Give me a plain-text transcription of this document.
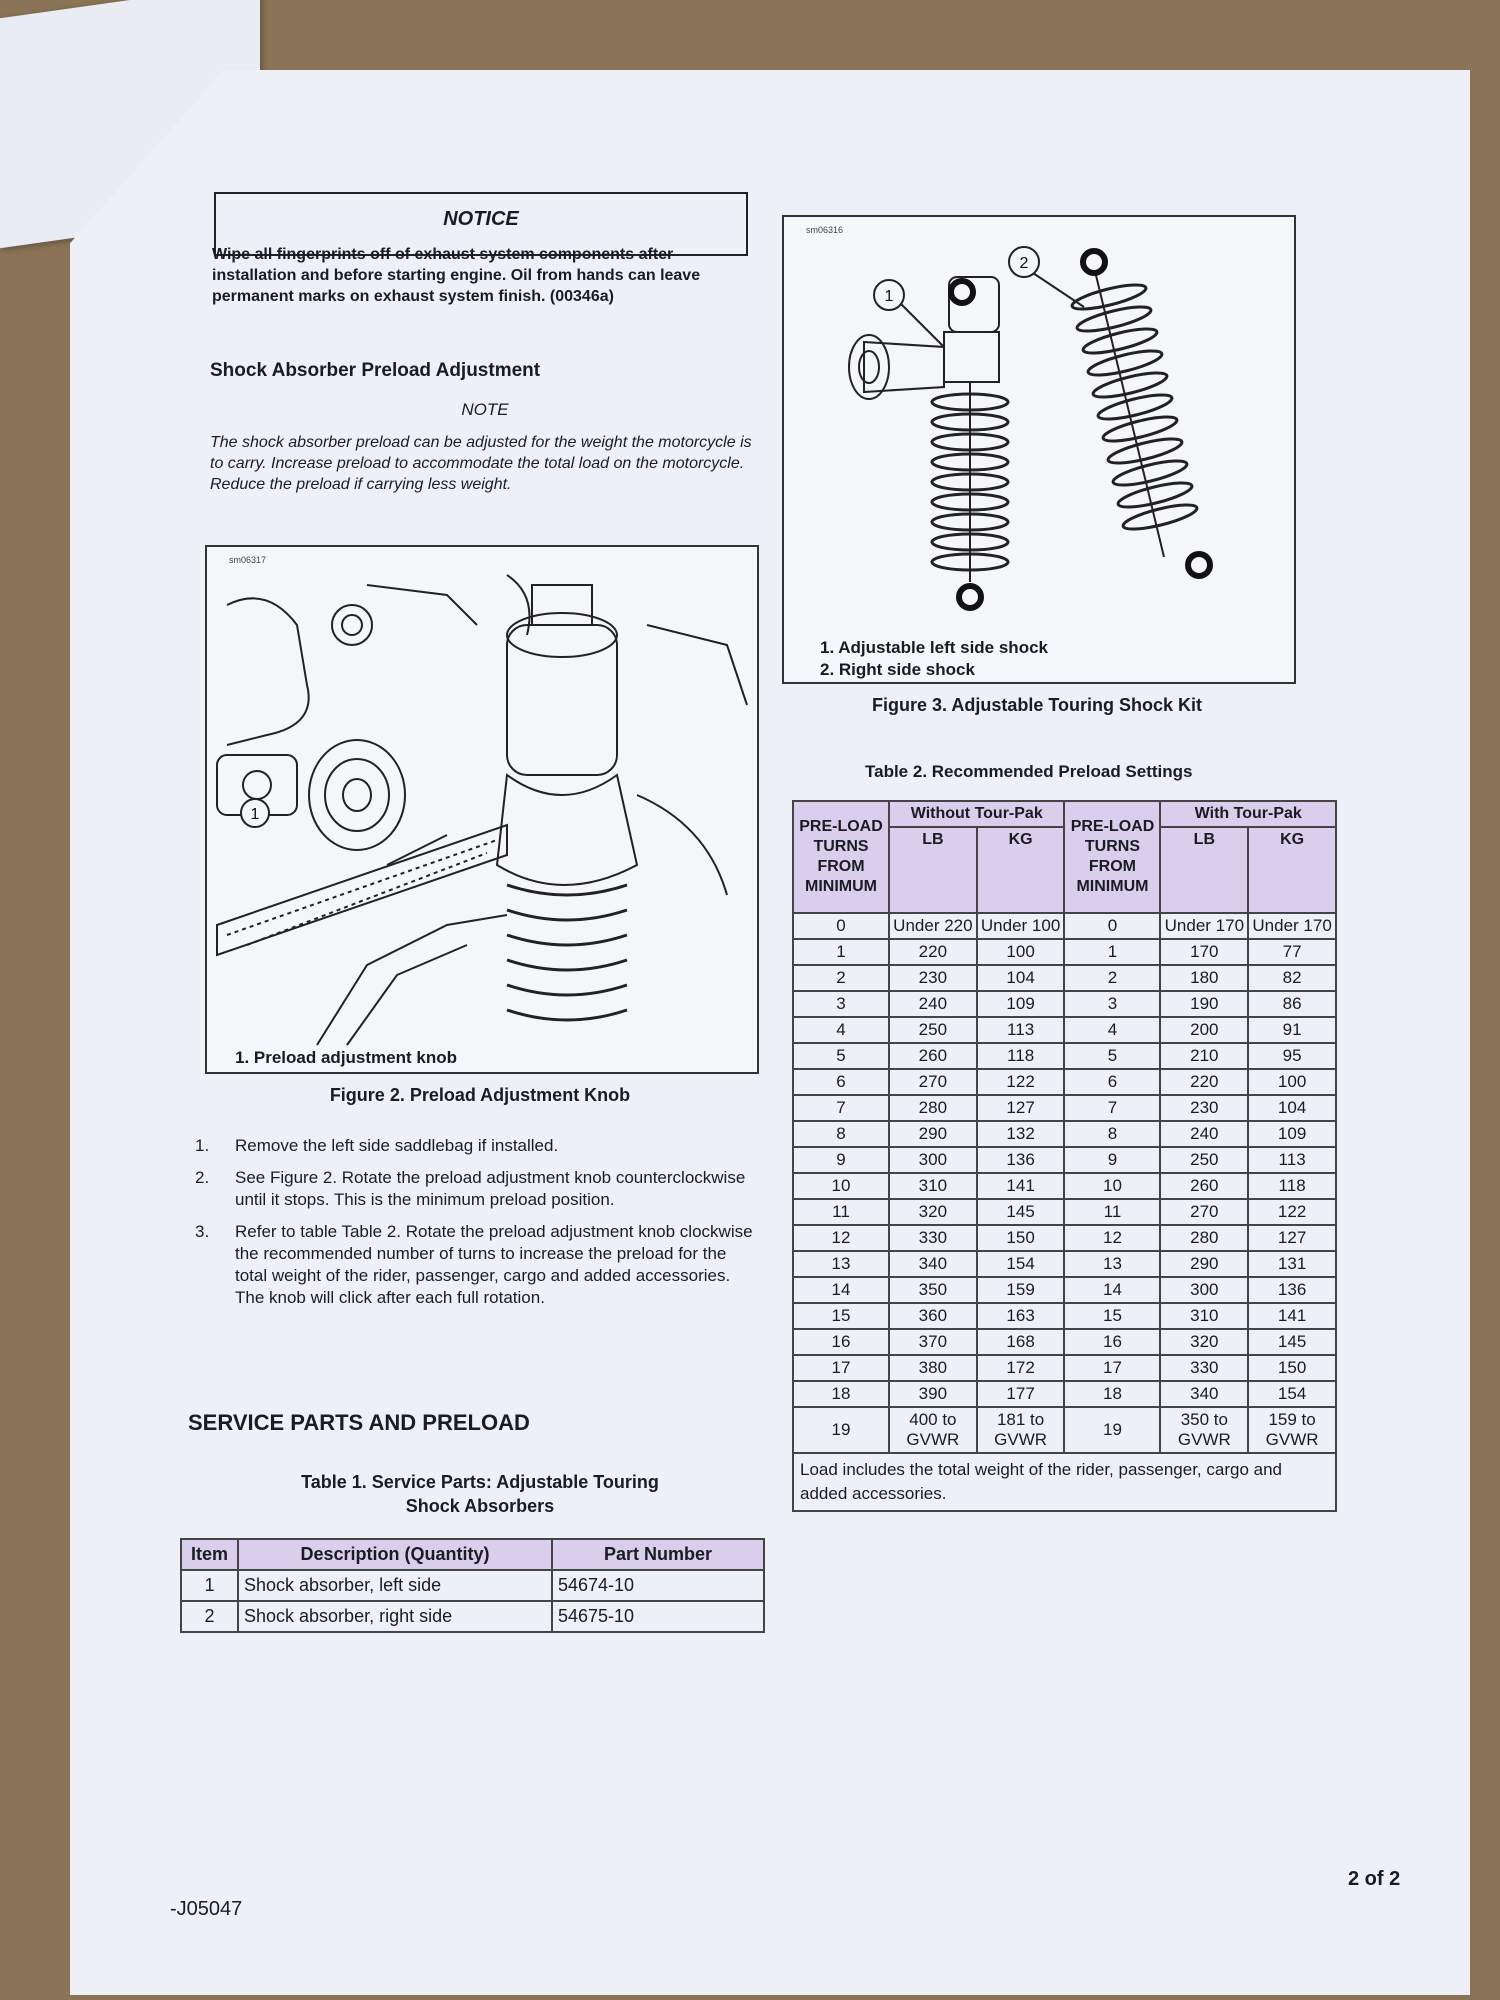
NOTICE
Wipe all fingerprints off of exhaust system components after installation and before starting engine. Oil from hands can leave permanent marks on exhaust system finish. (00346a)
Shock Absorber Preload Adjustment
NOTE
The shock absorber preload can be adjusted for the weight the motorcycle is to carry. Increase preload to accommodate the total load on the motorcycle. Reduce the preload if carrying less weight.
sm06317
1
1. Preload adjustment knob
Figure 2. Preload Adjustment Knob
sm06316
1
2
1. Adjustable left side shock
2. Right side shock
Figure 3. Adjustable Touring Shock Kit
1. Remove the left side saddlebag if installed.
2. See Figure 2. Rotate the preload adjustment knob counterclockwise until it stops. This is the minimum preload position.
3. Refer to table Table 2. Rotate the preload adjustment knob clockwise the recommended number of turns to increase the preload for the total weight of the rider, passenger, cargo and added accessories. The knob will click after each full rotation.
SERVICE PARTS AND PRELOAD
Table 1. Service Parts: Adjustable Touring
Shock Absorbers
Item	Description (Quantity)	Part Number
1	Shock absorber, left side	54674-10
2	Shock absorber, right side	54675-10
Table 2. Recommended Preload Settings
PRE-LOAD TURNS FROM MINIMUM	Without Tour-Pak		PRE-LOAD TURNS FROM MINIMUM	With Tour-Pak	
	LB	KG		LB	KG
0	Under 220	Under 100	0	Under 170	Under 170
1	220	100	1	170	77
2	230	104	2	180	82
3	240	109	3	190	86
4	250	113	4	200	91
5	260	118	5	210	95
6	270	122	6	220	100
7	280	127	7	230	104
8	290	132	8	240	109
9	300	136	9	250	113
10	310	141	10	260	118
11	320	145	11	270	122
12	330	150	12	280	127
13	340	154	13	290	131
14	350	159	14	300	136
15	360	163	15	310	141
16	370	168	16	320	145
17	380	172	17	330	150
18	390	177	18	340	154
19	400 to GVWR	181 to GVWR	19	350 to GVWR	159 to GVWR
Load includes the total weight of the rider, passenger, cargo and added accessories.					
2 of 2
-J05047
